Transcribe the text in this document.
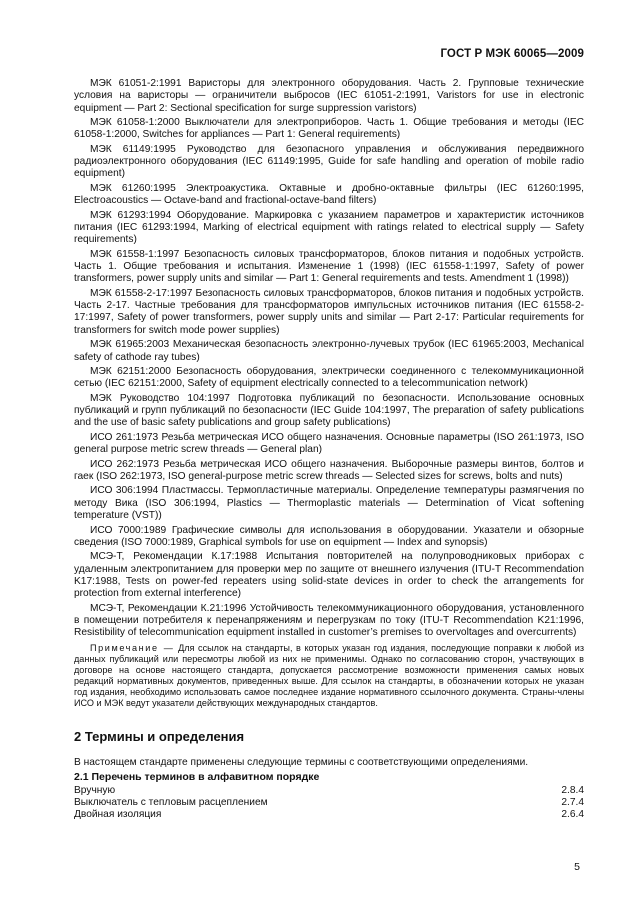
ГОСТ Р МЭК 60065—2009

МЭК 61051-2:1991 Варисторы для электронного оборудования. Часть 2. Групповые технические условия на варисторы — ограничители выбросов (IEC 61051-2:1991, Varistors for use in electronic equipment — Part 2: Sectional specification for surge suppression varistors)

МЭК 61058-1:2000 Выключатели для электроприборов. Часть 1. Общие требования и методы (IEC 61058-1:2000, Switches for appliances — Part 1: General requirements)

МЭК 61149:1995 Руководство для безопасного управления и обслуживания передвижного радиоэлектронного оборудования (IEC 61149:1995, Guide for safe handling and operation of mobile radio equipment)

МЭК 61260:1995 Электроакустика. Октавные и дробно-октавные фильтры (IEC 61260:1995, Electroacoustics — Octave-band and fractional-octave-band filters)

МЭК 61293:1994 Оборудование. Маркировка с указанием параметров и характеристик источников питания (IEC 61293:1994, Marking of electrical equipment with ratings related to electrical supply — Safety requirements)

МЭК 61558-1:1997 Безопасность силовых трансформаторов, блоков питания и подобных устройств. Часть 1. Общие требования и испытания. Изменение 1 (1998) (IEC 61558-1:1997, Safety of power transformers, power supply units and similar — Part 1: General requirements and tests. Amendment 1 (1998))

МЭК 61558-2-17:1997 Безопасность силовых трансформаторов, блоков питания и подобных устройств. Часть 2-17. Частные требования для трансформаторов импульсных источников питания (IEC 61558-2-17:1997, Safety of power transformers, power supply units and similar — Part 2-17: Particular requirements for transformers for switch mode power supplies)

МЭК 61965:2003 Механическая безопасность электронно-лучевых трубок (IEC 61965:2003, Mechanical safety of cathode ray tubes)

МЭК 62151:2000 Безопасность оборудования, электрически соединенного с телекоммуникационной сетью (IEC 62151:2000, Safety of equipment electrically connected to a telecommunication network)

МЭК Руководство 104:1997 Подготовка публикаций по безопасности. Использование основных публикаций и групп публикаций по безопасности (IEC Guide 104:1997, The preparation of safety publications and the use of basic safety publications and group safety publications)

ИСО 261:1973 Резьба метрическая ИСО общего назначения. Основные параметры (ISO 261:1973, ISO general purpose metric screw threads — General plan)

ИСО 262:1973 Резьба метрическая ИСО общего назначения. Выборочные размеры винтов, болтов и гаек (ISO 262:1973, ISO general-purpose metric screw threads — Selected sizes for screws, bolts and nuts)

ИСО 306:1994 Пластмассы. Термопластичные материалы. Определение температуры размягчения по методу Вика (ISO 306:1994, Plastics — Thermoplastic materials — Determination of Vicat softening temperature (VST))

ИСО 7000:1989 Графические символы для использования в оборудовании. Указатели и обзорные сведения (ISO 7000:1989, Graphical symbols for use on equipment — Index and synopsis)

МСЭ-Т, Рекомендации К.17:1988 Испытания повторителей на полупроводниковых приборах с удаленным электропитанием для проверки мер по защите от внешнего излучения (ITU-T Recommendation K17:1988, Tests on power-fed repeaters using solid-state devices in order to check the arrangements for protection from external interference)

МСЭ-Т, Рекомендации К.21:1996 Устойчивость телекоммуникационного оборудования, установленного в помещении потребителя к перенапряжениям и перегрузкам по току (ITU-T Recommendation K21:1996, Resistibility of telecommunication equipment installed in customer’s premises to overvoltages and overcurrents)

Примечание — Для ссылок на стандарты, в которых указан год издания, последующие поправки к любой из данных публикаций или пересмотры любой из них не применимы. Однако по согласованию сторон, участвующих в договоре на основе настоящего стандарта, допускается рассмотрение возможности применения самых новых редакций нормативных документов, приведенных выше. Для ссылок на стандарты, в обозначении которых не указан год издания, необходимо использовать самое последнее издание нормативного ссылочного документа. Страны-члены ИСО и МЭК ведут указатели действующих международных стандартов.

2 Термины и определения

В настоящем стандарте применены следующие термины с соответствующими определениями.

2.1 Перечень терминов в алфавитном порядке
Вручную	2.8.4
Выключатель с тепловым расцеплением	2.7.4
Двойная изоляция	2.6.4
5
